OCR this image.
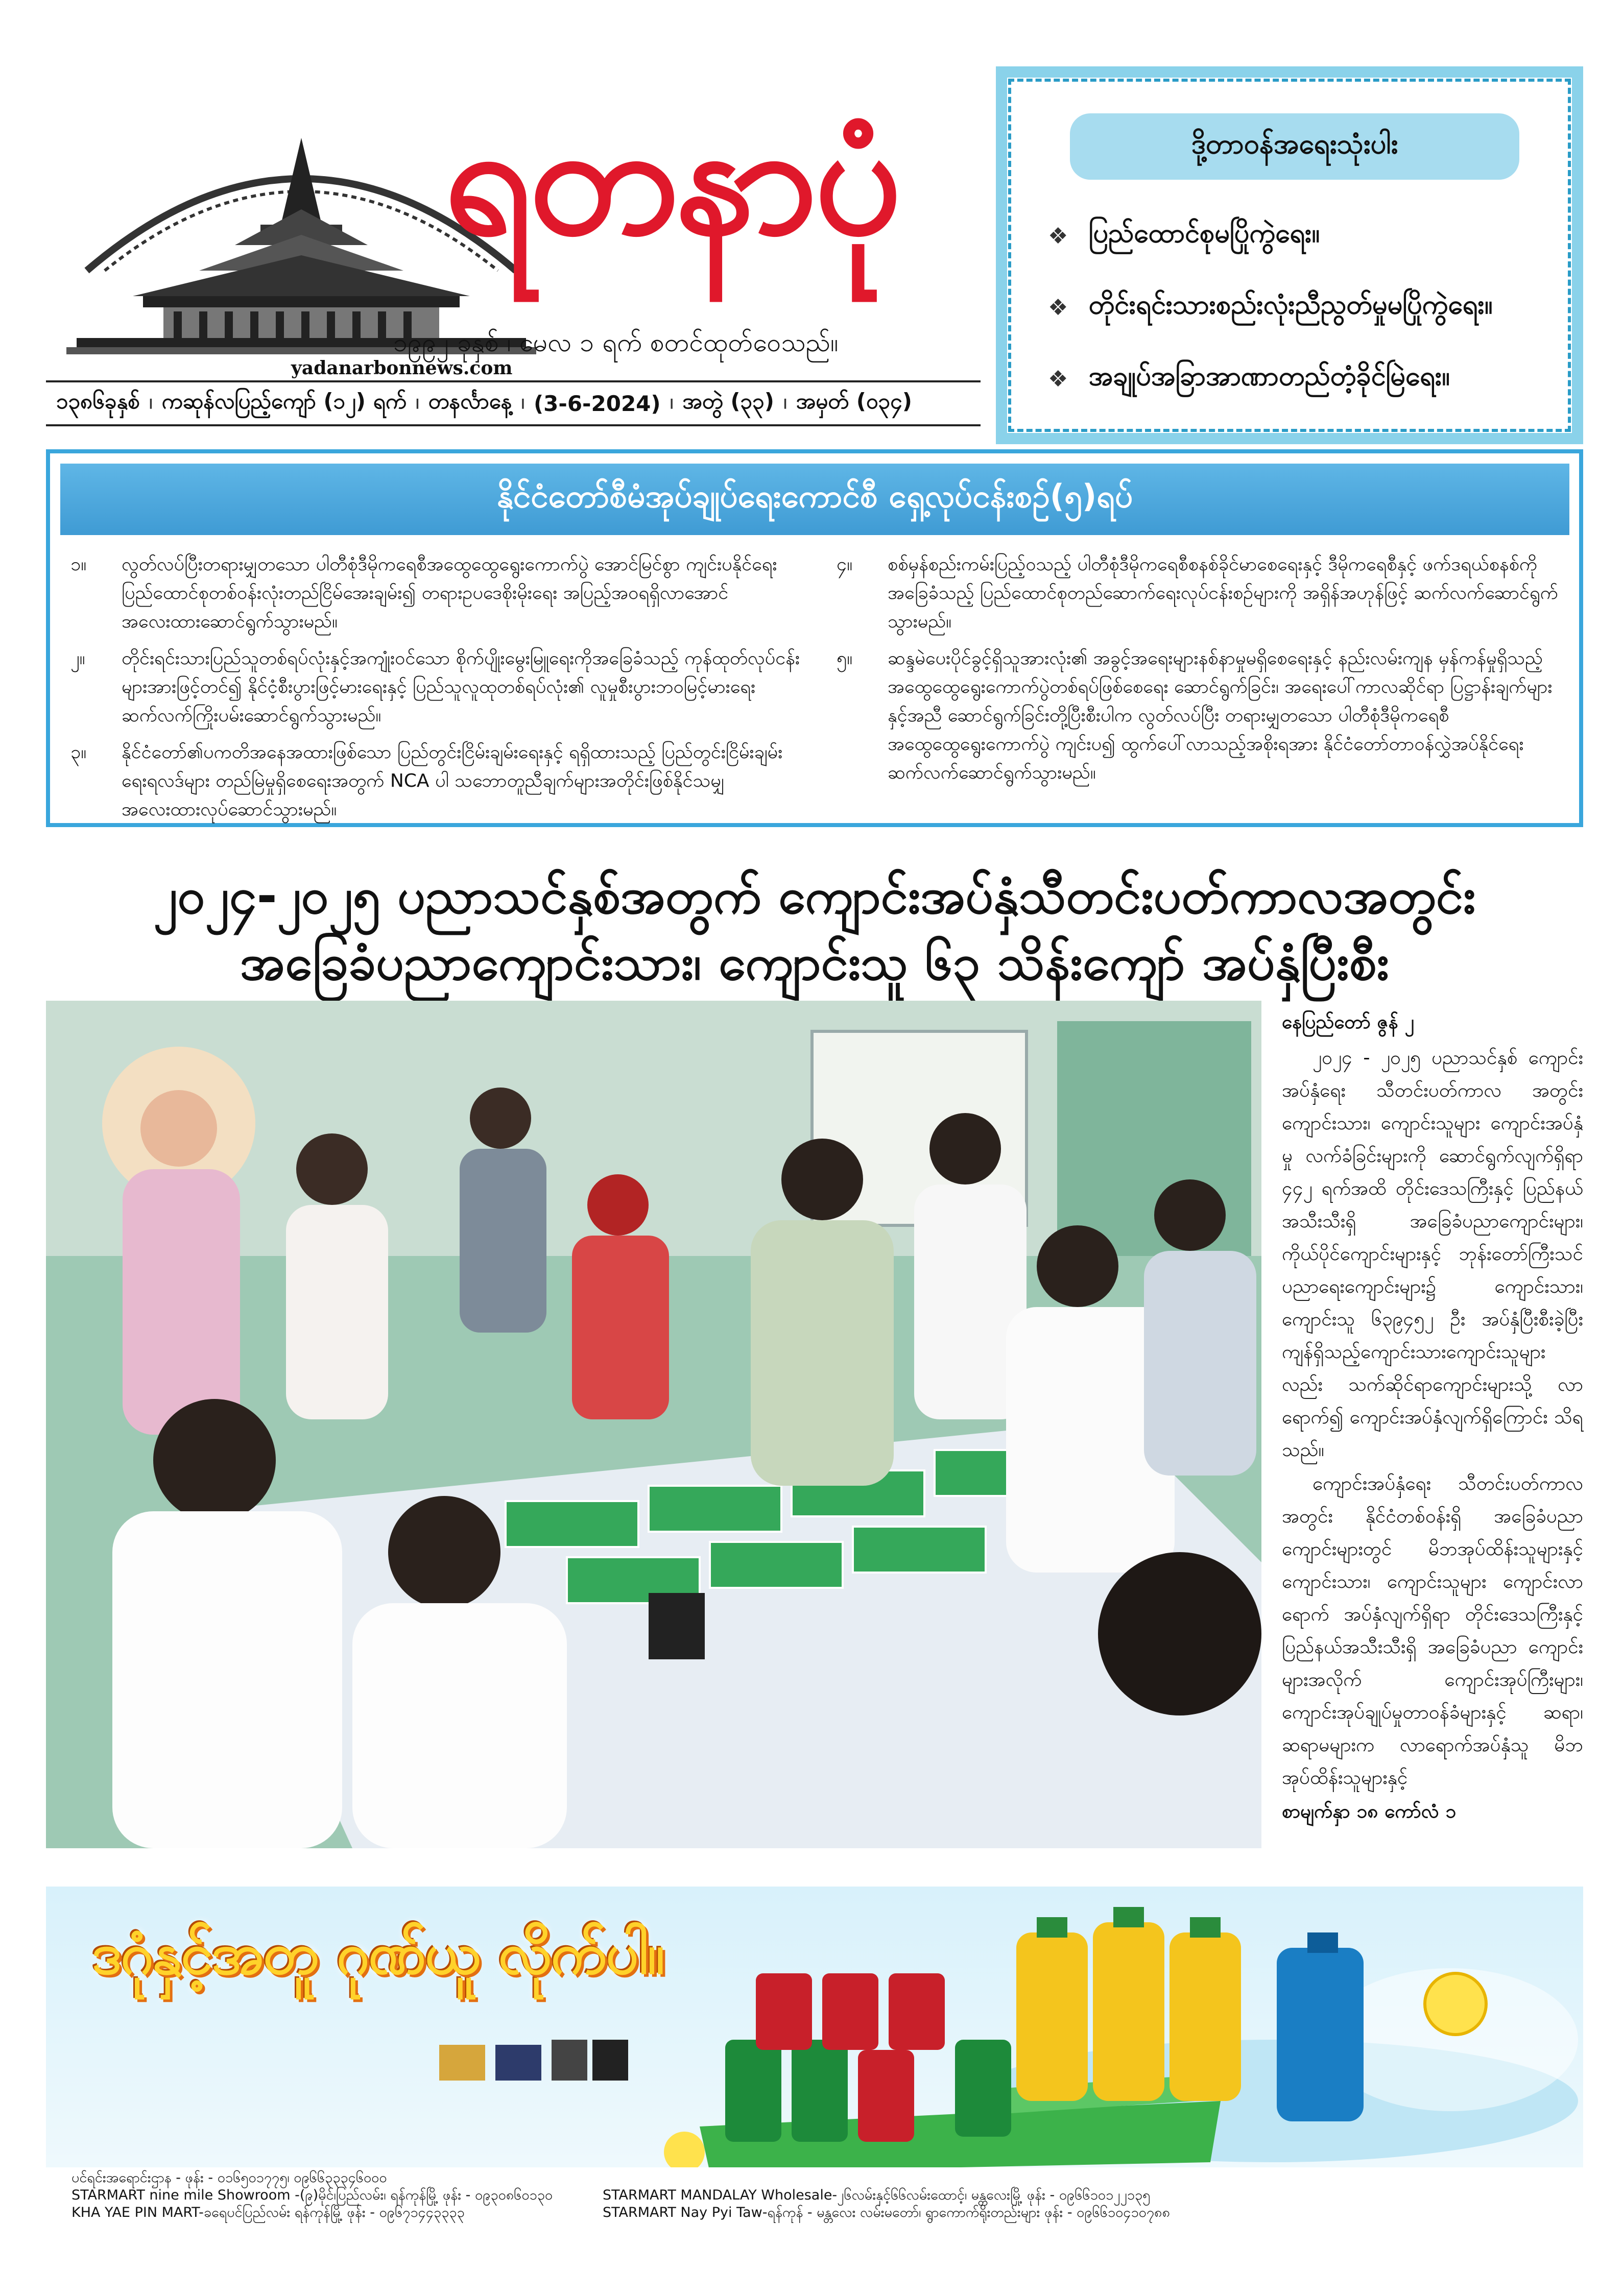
yadanarbonnews.com
ရတနာပုံ
၁၉၉၂ ခုနှစ် ၊ မေလ ၁ ရက် စတင်ထုတ်ဝေသည်။
၁၃၈၆ခုနှစ် ၊ ကဆုန်လပြည့်ကျော် (၁၂) ရက် ၊ တနင်္လာနေ့ ၊ (3-6-2024) ၊ အတွဲ (၃၃) ၊ အမှတ် (၀၃၄)
ဒို့တာဝန်အရေးသုံးပါး
❖ ပြည်ထောင်စုမပြိုကွဲရေး။
❖ တိုင်းရင်းသားစည်းလုံးညီညွတ်မှုမပြိုကွဲရေး။
❖ အချုပ်အခြာအာဏာတည်တံ့ခိုင်မြဲရေး။
နိုင်ငံတော်စီမံအုပ်ချုပ်ရေးကောင်စီ ရှေ့လုပ်ငန်းစဉ်(၅)ရပ်
၁။	လွတ်လပ်ပြီးတရားမျှတသော ပါတီစုံဒီမိုကရေစီအထွေထွေရွေးကောက်ပွဲ အောင်မြင်စွာ ကျင်းပနိုင်ရေး ပြည်ထောင်စုတစ်ဝန်းလုံးတည်ငြိမ်အေးချမ်း၍ တရားဥပဒေစိုးမိုးရေး အပြည့်အဝရရှိလာအောင် အလေးထားဆောင်ရွက်သွားမည်။
၂။	တိုင်းရင်းသားပြည်သူတစ်ရပ်လုံးနှင့်အကျုံးဝင်သော စိုက်ပျိုးမွေးမြူရေးကိုအခြေခံသည့် ကုန်ထုတ်လုပ်ငန်းများအားဖြင့်တင်၍ နိုင်ငံ့စီးပွားဖြင့်မားရေးနှင့် ပြည်သူလူထုတစ်ရပ်လုံး၏ လူမှုစီးပွားဘဝမြင့်မားရေး ဆက်လက်ကြိုးပမ်းဆောင်ရွက်သွားမည်။
၃။	နိုင်ငံတော်၏ပကတိအနေအထားဖြစ်သော ပြည်တွင်းငြိမ်းချမ်းရေးနှင့် ရရှိထားသည့် ပြည်တွင်းငြိမ်းချမ်းရေးရလဒ်များ တည်မြဲမှုရှိစေရေးအတွက် NCA ပါ သဘောတူညီချက်များအတိုင်းဖြစ်နိုင်သမျှ အလေးထားလုပ်ဆောင်သွားမည်။
၄။	စစ်မှန်စည်းကမ်းပြည့်ဝသည့် ပါတီစုံဒီမိုကရေစီစနစ်ခိုင်မာစေရေးနှင့် ဒီမိုကရေစီနှင့် ဖက်ဒရယ်စနစ်ကို အခြေခံသည့် ပြည်ထောင်စုတည်ဆောက်ရေးလုပ်ငန်းစဉ်များကို အရှိန်အဟုန်ဖြင့် ဆက်လက်ဆောင်ရွက်သွားမည်။
၅။	ဆန္ဒမဲပေးပိုင်ခွင့်ရှိသူအားလုံး၏ အခွင့်အရေးများနစ်နာမှုမရှိစေရေးနှင့် နည်းလမ်းကျန မှန်ကန်မှုရှိသည့် အထွေထွေရွေးကောက်ပွဲတစ်ရပ်ဖြစ်စေရေး ဆောင်ရွက်ခြင်း၊ အရေးပေါ်ကာလဆိုင်ရာ ပြဋ္ဌာန်းချက်များနှင့်အညီ ဆောင်ရွက်ခြင်းတို့ပြီးစီးပါက လွတ်လပ်ပြီး တရားမျှတသော ပါတီစုံဒီမိုကရေစီ အထွေထွေရွေးကောက်ပွဲ ကျင်းပ၍ ထွက်ပေါ်လာသည့်အစိုးရအား နိုင်ငံတော်တာဝန်လွှဲအပ်နိုင်ရေး ဆက်လက်ဆောင်ရွက်သွားမည်။
၂၀၂၄-၂၀၂၅ ပညာသင်နှစ်အတွက် ကျောင်းအပ်နှံသီတင်းပတ်ကာလအတွင်း
အခြေခံပညာကျောင်းသား၊ ကျောင်းသူ ၆၃ သိန်းကျော် အပ်နှံပြီးစီး
နေပြည်တော် ဇွန် ၂

၂၀၂၄ - ၂၀၂၅ ပညာသင်နှစ် ကျောင်းအပ်နှံရေး သီတင်းပတ်ကာလ အတွင်း ကျောင်းသား၊ ကျောင်းသူများ ကျောင်းအပ်နှံမှု လက်ခံခြင်းများကို ဆောင်ရွက်လျက်ရှိရာ ၄၄၂ ရက်အထိ တိုင်းဒေသကြီးနှင့် ပြည်နယ်အသီးသီးရှိ အခြေခံပညာကျောင်းများ၊ ကိုယ်ပိုင်ကျောင်းများနှင့် ဘုန်းတော်ကြီးသင် ပညာရေးကျောင်းများ၌ ကျောင်းသား၊ ကျောင်းသူ ၆၃၉၄၅၂ ဦး အပ်နှံပြီးစီးခဲ့ပြီးကျန်ရှိသည့်ကျောင်းသားကျောင်းသူများလည်း သက်ဆိုင်ရာကျောင်းများသို့ လာရောက်၍ ကျောင်းအပ်နှံလျက်ရှိကြောင်း သိရသည်။

ကျောင်းအပ်နှံရေး သီတင်းပတ်ကာလအတွင်း နိုင်ငံတစ်ဝန်းရှိ အခြေခံပညာကျောင်းများတွင် မိဘအုပ်ထိန်းသူများနှင့် ကျောင်းသား၊ ကျောင်းသူများ ကျောင်းလာရောက် အပ်နှံလျက်ရှိရာ တိုင်းဒေသကြီးနှင့် ပြည်နယ်အသီးသီးရှိ အခြေခံပညာ ကျောင်းများအလိုက် ကျောင်းအုပ်ကြီးများ၊ ကျောင်းအုပ်ချုပ်မှုတာဝန်ခံများနှင့် ဆရာ၊ ဆရာမများက လာရောက်အပ်နှံသူ မိဘအုပ်ထိန်းသူများနှင့်

စာမျက်နှာ ၁၈ ကော်လံ ၁
ဒဂုံနှင့်အတူ ဂုဏ်ယူ လိုက်ပါ။
ပင်ရင်းအရောင်းဌာန - ဖုန်း - ၀၁၆၅၀၁၇၇၅၊ ၀၉၆၆၃၃၃၄၆၀၀၀
STARMART nine mile Showroom -(၉)မိုင်၊ပြည်လမ်း၊ ရန်ကုန်မြို့ ဖုန်း - ၀၉၃၀၈၆၀၁၃၀	STARMART MANDALAY Wholesale-၂၆လမ်းနှင့်၆၆လမ်းထောင့်၊ မန္တလေးမြို့ ဖုန်း - ၀၉၆၆၁၀၁၂၂၁၃၅
KHA YAE PIN MART-ခရေပင်ပြည်လမ်း ရန်ကုန်မြို့ ဖုန်း - ၀၉၆၇၁၄၄၃၃၃၃	STARMART Nay Pyi Taw-ရန်ကုန် - မန္တလေး လမ်းမတော်၊ ရွာကောက်ရိုးတည်းများ ဖုန်း - ၀၉၆၆၁၀၄၁၀၇၈၈
